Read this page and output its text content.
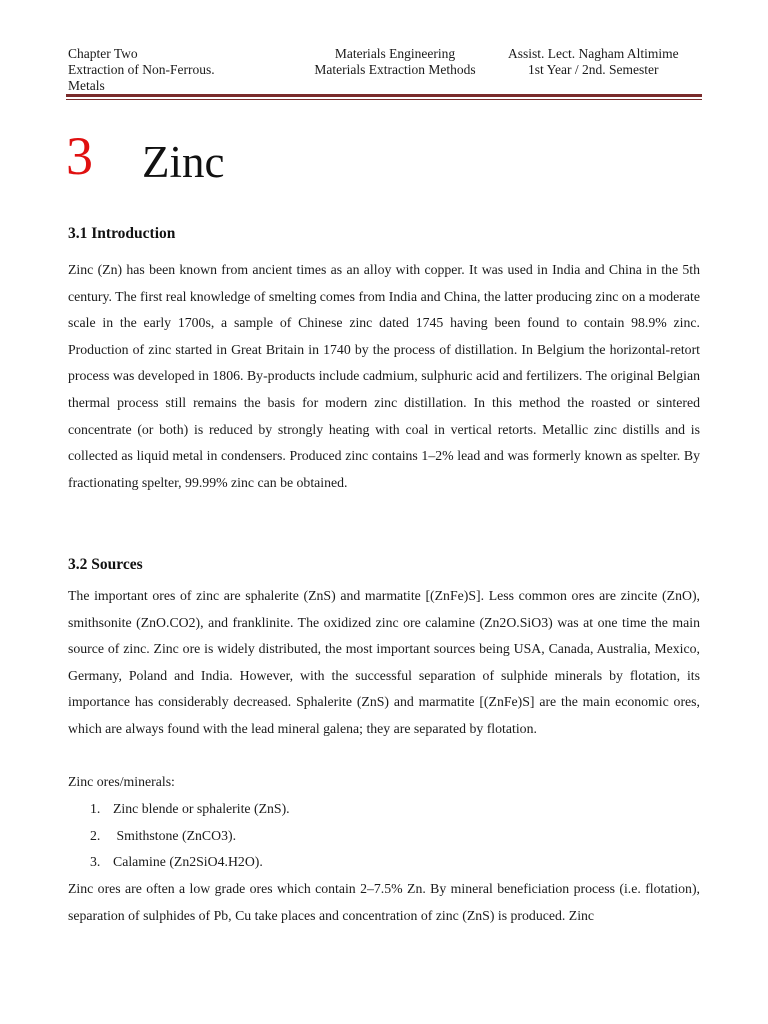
Chapter Two
Extraction of Non-Ferrous.
Metals
Materials Engineering
Materials Extraction Methods
Assist. Lect. Nagham Altimime
1st Year / 2nd. Semester
3 Zinc
3.1 Introduction
Zinc (Zn) has been known from ancient times as an alloy with copper. It was used in India and China in the 5th century. The first real knowledge of smelting comes from India and China, the latter producing zinc on a moderate scale in the early 1700s, a sample of Chinese zinc dated 1745 having been found to contain 98.9% zinc. Production of zinc started in Great Britain in 1740 by the process of distillation. In Belgium the horizontal-retort process was developed in 1806. By-products include cadmium, sulphuric acid and fertilizers. The original Belgian thermal process still remains the basis for modern zinc distillation. In this method the roasted or sintered concentrate (or both) is reduced by strongly heating with coal in vertical retorts. Metallic zinc distills and is collected as liquid metal in condensers. Produced zinc contains 1–2% lead and was formerly known as spelter. By fractionating spelter, 99.99% zinc can be obtained.
3.2 Sources
The important ores of zinc are sphalerite (ZnS) and marmatite [(ZnFe)S]. Less common ores are zincite (ZnO), smithsonite (ZnO.CO2), and franklinite. The oxidized zinc ore calamine (Zn2O.SiO3) was at one time the main source of zinc. Zinc ore is widely distributed, the most important sources being USA, Canada, Australia, Mexico, Germany, Poland and India. However, with the successful separation of sulphide minerals by flotation, its importance has considerably decreased. Sphalerite (ZnS) and marmatite [(ZnFe)S] are the main economic ores, which are always found with the lead mineral galena; they are separated by flotation.
Zinc ores/minerals:
1. Zinc blende or sphalerite (ZnS).
2. Smithstone (ZnCO3).
3. Calamine (Zn2SiO4.H2O).
Zinc ores are often a low grade ores which contain 2–7.5% Zn. By mineral beneficiation process (i.e. flotation), separation of sulphides of Pb, Cu take places and concentration of zinc (ZnS) is produced. Zinc
